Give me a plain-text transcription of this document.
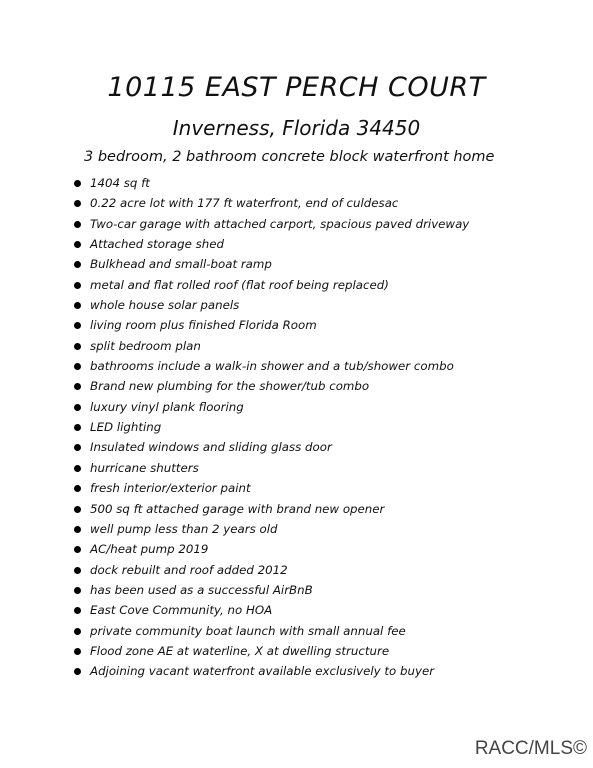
10115 EAST PERCH COURT
Inverness, Florida 34450
3 bedroom, 2 bathroom concrete block waterfront home
1404 sq ft
0.22 acre lot with 177 ft waterfront, end of culdesac
Two-car garage with attached carport, spacious paved driveway
Attached storage shed
Bulkhead and small-boat ramp
metal and flat rolled roof (flat roof being replaced)
whole house solar panels
living room plus finished Florida Room
split bedroom plan
bathrooms include a walk-in shower and a tub/shower combo
Brand new plumbing for the shower/tub combo
luxury vinyl plank flooring
LED lighting
Insulated windows and sliding glass door
hurricane shutters
fresh interior/exterior paint
500 sq ft attached garage with brand new opener
well pump less than 2 years old
AC/heat pump 2019
dock rebuilt and roof added 2012
has been used as a successful AirBnB
East Cove Community, no HOA
private community boat launch with small annual fee
Flood zone AE at waterline, X at dwelling structure
Adjoining vacant waterfront available exclusively to buyer
RACC/MLS©
